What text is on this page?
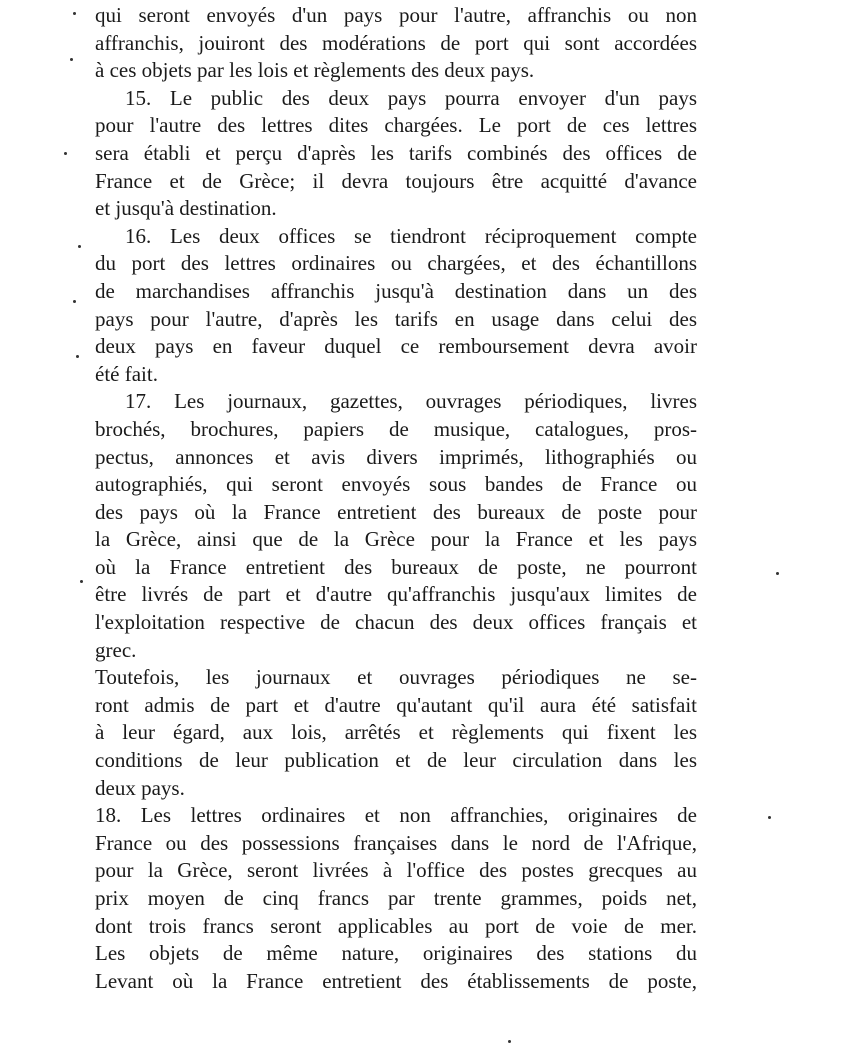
qui seront envoyés d'un pays pour l'autre, affranchis ou non
affranchis, jouiront des modérations de port qui sont accordées
à ces objets par les lois et règlements des deux pays.
15. Le public des deux pays pourra envoyer d'un pays
pour l'autre des lettres dites chargées. Le port de ces lettres
sera établi et perçu d'après les tarifs combinés des offices de
France et de Grèce; il devra toujours être acquitté d'avance
et jusqu'à destination.
16. Les deux offices se tiendront réciproquement compte
du port des lettres ordinaires ou chargées, et des échantillons
de marchandises affranchis jusqu'à destination dans un des
pays pour l'autre, d'après les tarifs en usage dans celui des
deux pays en faveur duquel ce remboursement devra avoir
été fait.
17. Les journaux, gazettes, ouvrages périodiques, livres
brochés, brochures, papiers de musique, catalogues, pros-
pectus, annonces et avis divers imprimés, lithographiés ou
autographiés, qui seront envoyés sous bandes de France ou
des pays où la France entretient des bureaux de poste pour
la Grèce, ainsi que de la Grèce pour la France et les pays
où la France entretient des bureaux de poste, ne pourront
être livrés de part et d'autre qu'affranchis jusqu'aux limites de
l'exploitation respective de chacun des deux offices français et
grec.
Toutefois, les journaux et ouvrages périodiques ne se-
ront admis de part et d'autre qu'autant qu'il aura été satisfait
à leur égard, aux lois, arrêtés et règlements qui fixent les
conditions de leur publication et de leur circulation dans les
deux pays.
18. Les lettres ordinaires et non affranchies, originaires de
France ou des possessions françaises dans le nord de l'Afrique,
pour la Grèce, seront livrées à l'office des postes grecques au
prix moyen de cinq francs par trente grammes, poids net,
dont trois francs seront applicables au port de voie de mer.
Les objets de même nature, originaires des stations du
Levant où la France entretient des établissements de poste,
